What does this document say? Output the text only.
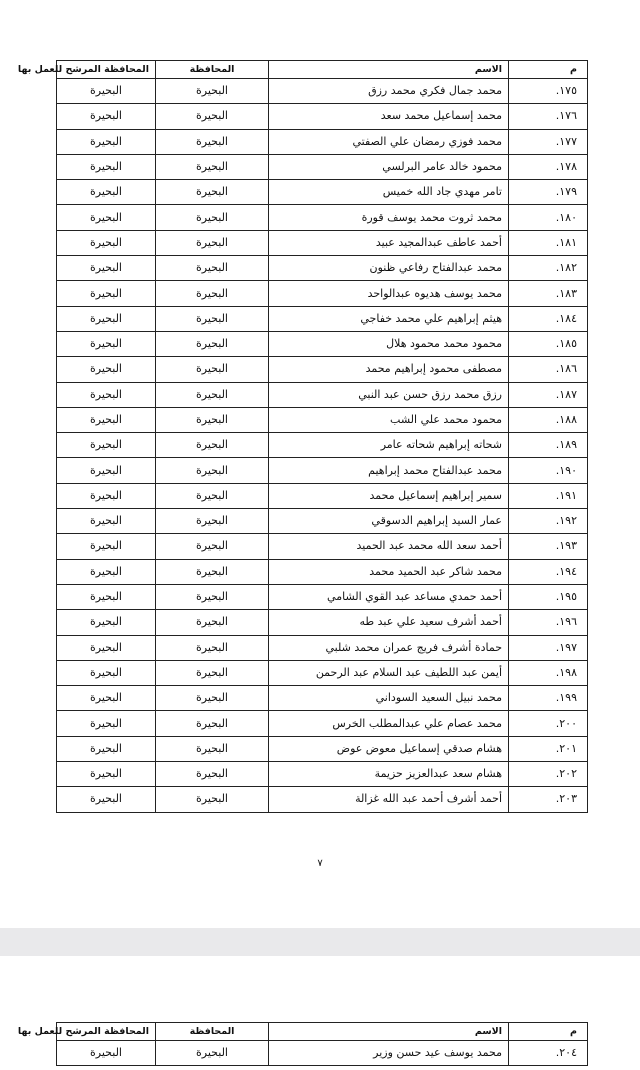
م	الاسم	المحافظة	المحافظة المرشح للعمل بها
١٧٥.	محمد جمال فكري محمد رزق	البحيرة	البحيرة
١٧٦.	محمد إسماعيل محمد سعد	البحيرة	البحيرة
١٧٧.	محمد فوزي رمضان علي الصفتي	البحيرة	البحيرة
١٧٨.	محمود خالد عامر البرلسي	البحيرة	البحيرة
١٧٩.	تامر مهدي جاد الله خميس	البحيرة	البحيرة
١٨٠.	محمد ثروت محمد يوسف قورة	البحيرة	البحيرة
١٨١.	أحمد عاطف عبدالمجيد عبيد	البحيرة	البحيرة
١٨٢.	محمد عبدالفتاح رفاعي ظنون	البحيرة	البحيرة
١٨٣.	محمد يوسف هديوه عبدالواحد	البحيرة	البحيرة
١٨٤.	هيثم إبراهيم علي محمد خفاجي	البحيرة	البحيرة
١٨٥.	محمود محمد محمود هلال	البحيرة	البحيرة
١٨٦.	مصطفى محمود إبراهيم محمد	البحيرة	البحيرة
١٨٧.	رزق محمد رزق حسن عبد النبي	البحيرة	البحيرة
١٨٨.	محمود محمد علي الشب	البحيرة	البحيرة
١٨٩.	شحاته إبراهيم شحاته عامر	البحيرة	البحيرة
١٩٠.	محمد عبدالفتاح محمد إبراهيم	البحيرة	البحيرة
١٩١.	سمير إبراهيم إسماعيل محمد	البحيرة	البحيرة
١٩٢.	عمار السيد إبراهيم الدسوقي	البحيرة	البحيرة
١٩٣.	أحمد سعد الله محمد عبد الحميد	البحيرة	البحيرة
١٩٤.	محمد شاكر عبد الحميد محمد	البحيرة	البحيرة
١٩٥.	أحمد حمدي مساعد عبد القوي الشامي	البحيرة	البحيرة
١٩٦.	أحمد أشرف سعيد علي عبد طه	البحيرة	البحيرة
١٩٧.	حمادة أشرف فريج عمران محمد شلبي	البحيرة	البحيرة
١٩٨.	أيمن عبد اللطيف عبد السلام عبد الرحمن	البحيرة	البحيرة
١٩٩.	محمد نبيل السعيد السوداني	البحيرة	البحيرة
٢٠٠.	محمد عصام علي عبدالمطلب الخرس	البحيرة	البحيرة
٢٠١.	هشام صدقي إسماعيل معوض عوض	البحيرة	البحيرة
٢٠٢.	هشام سعد عبدالعزيز حزيمة	البحيرة	البحيرة
٢٠٣.	أحمد أشرف أحمد عبد الله غزالة	البحيرة	البحيرة
٧
م	الاسم	المحافظة	المحافظة المرشح للعمل بها
٢٠٤.	محمد يوسف عيد حسن وزير	البحيرة	البحيرة
